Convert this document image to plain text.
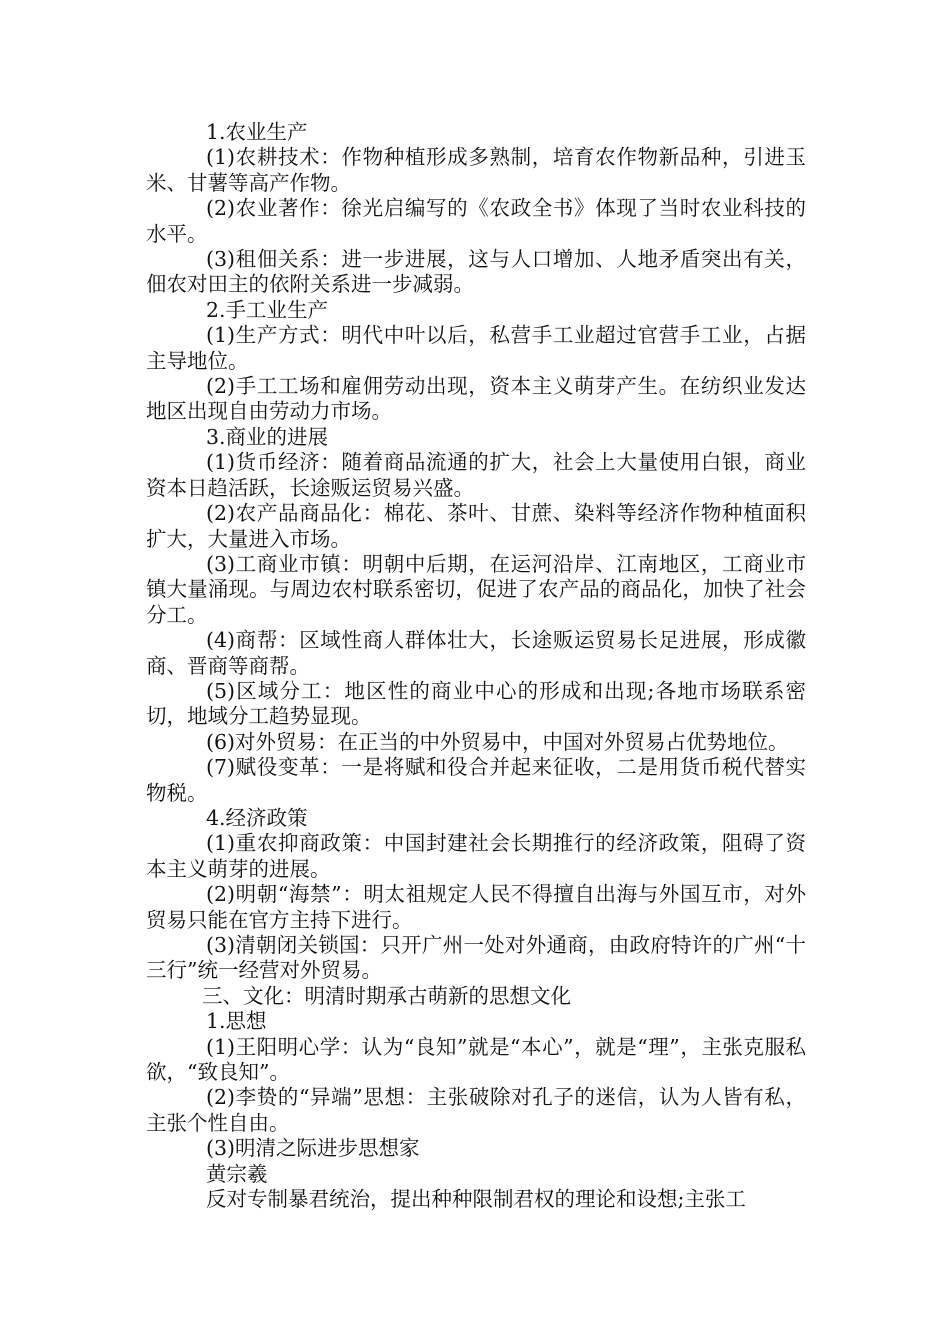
1.农业生产

(1)农耕技术：作物种植形成多熟制，培育农作物新品种，引进玉米、甘薯等高产作物。

(2)农业著作：徐光启编写的《农政全书》体现了当时农业科技的水平。

(3)租佃关系：进一步进展，这与人口增加、人地矛盾突出有关，佃农对田主的依附关系进一步减弱。

2.手工业生产

(1)生产方式：明代中叶以后，私营手工业超过官营手工业，占据主导地位。

(2)手工工场和雇佣劳动出现，资本主义萌芽产生。在纺织业发达地区出现自由劳动力市场。

3.商业的进展

(1)货币经济：随着商品流通的扩大，社会上大量使用白银，商业资本日趋活跃，长途贩运贸易兴盛。

(2)农产品商品化：棉花、茶叶、甘蔗、染料等经济作物种植面积扩大，大量进入市场。

(3)工商业市镇：明朝中后期，在运河沿岸、江南地区，工商业市镇大量涌现。与周边农村联系密切，促进了农产品的商品化，加快了社会分工。

(4)商帮：区域性商人群体壮大，长途贩运贸易长足进展，形成徽商、晋商等商帮。

(5)区域分工：地区性的商业中心的形成和出现;各地市场联系密切，地域分工趋势显现。

(6)对外贸易：在正当的中外贸易中，中国对外贸易占优势地位。

(7)赋役变革：一是将赋和役合并起来征收，二是用货币税代替实物税。

4.经济政策

(1)重农抑商政策：中国封建社会长期推行的经济政策，阻碍了资本主义萌芽的进展。

(2)明朝“海禁”：明太祖规定人民不得擅自出海与外国互市，对外贸易只能在官方主持下进行。

(3)清朝闭关锁国：只开广州一处对外通商，由政府特许的广州“十三行”统一经营对外贸易。

三、文化：明清时期承古萌新的思想文化

1.思想

(1)王阳明心学：认为“良知”就是“本心”，就是“理”，主张克服私欲，“致良知”。

(2)李贽的“异端”思想：主张破除对孔子的迷信，认为人皆有私，主张个性自由。

(3)明清之际进步思想家

黄宗羲

反对专制暴君统治，提出种种限制君权的理论和设想;主张工
